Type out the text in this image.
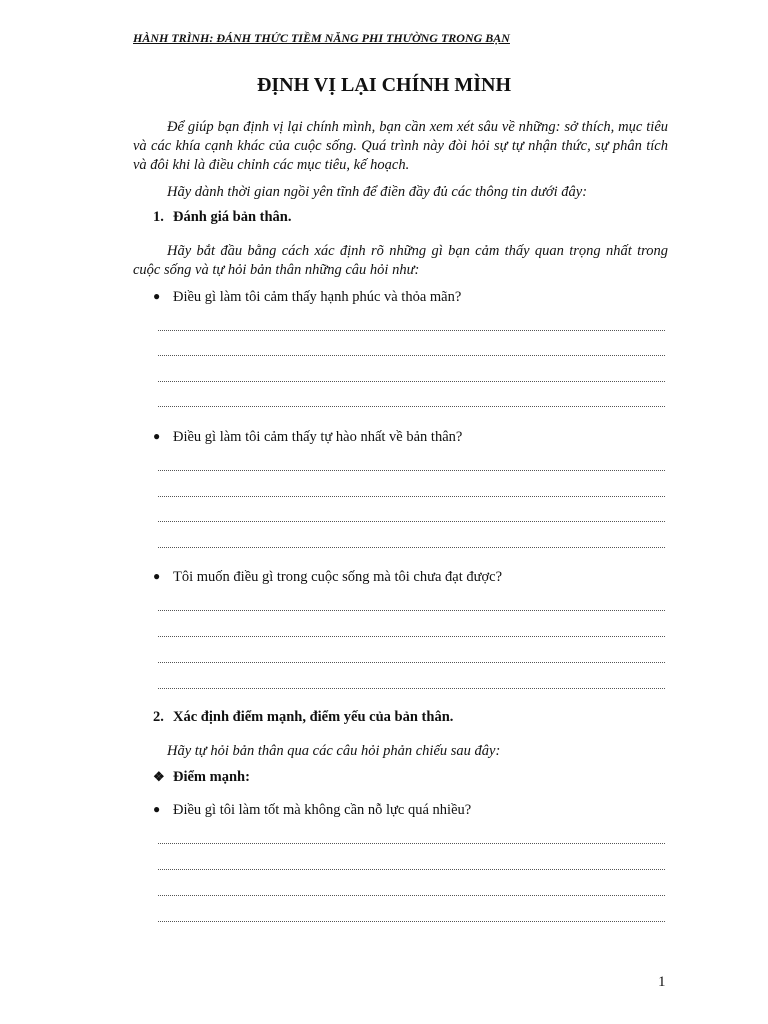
HÀNH TRÌNH: ĐÁNH THỨC TIỀM NĂNG PHI THƯỜNG TRONG BẠN
ĐỊNH VỊ LẠI CHÍNH MÌNH
Để giúp bạn định vị lại chính mình, bạn cần xem xét sâu về những: sở thích, mục tiêu và các khía cạnh khác của cuộc sống. Quá trình này đòi hỏi sự tự nhận thức, sự phân tích và đôi khi là điều chỉnh các mục tiêu, kế hoạch.
Hãy dành thời gian ngồi yên tĩnh để điền đầy đủ các thông tin dưới đây:
1. Đánh giá bản thân.
Hãy bắt đầu bằng cách xác định rõ những gì bạn cảm thấy quan trọng nhất trong cuộc sống và tự hỏi bản thân những câu hỏi như:
● Điều gì làm tôi cảm thấy hạnh phúc và thỏa mãn?
● Điều gì làm tôi cảm thấy tự hào nhất về bản thân?
● Tôi muốn điều gì trong cuộc sống mà tôi chưa đạt được?
2. Xác định điểm mạnh, điểm yếu của bản thân.
Hãy tự hỏi bản thân qua các câu hỏi phản chiếu sau đây:
❖ Điểm mạnh:
● Điều gì tôi làm tốt mà không cần nỗ lực quá nhiều?
1
